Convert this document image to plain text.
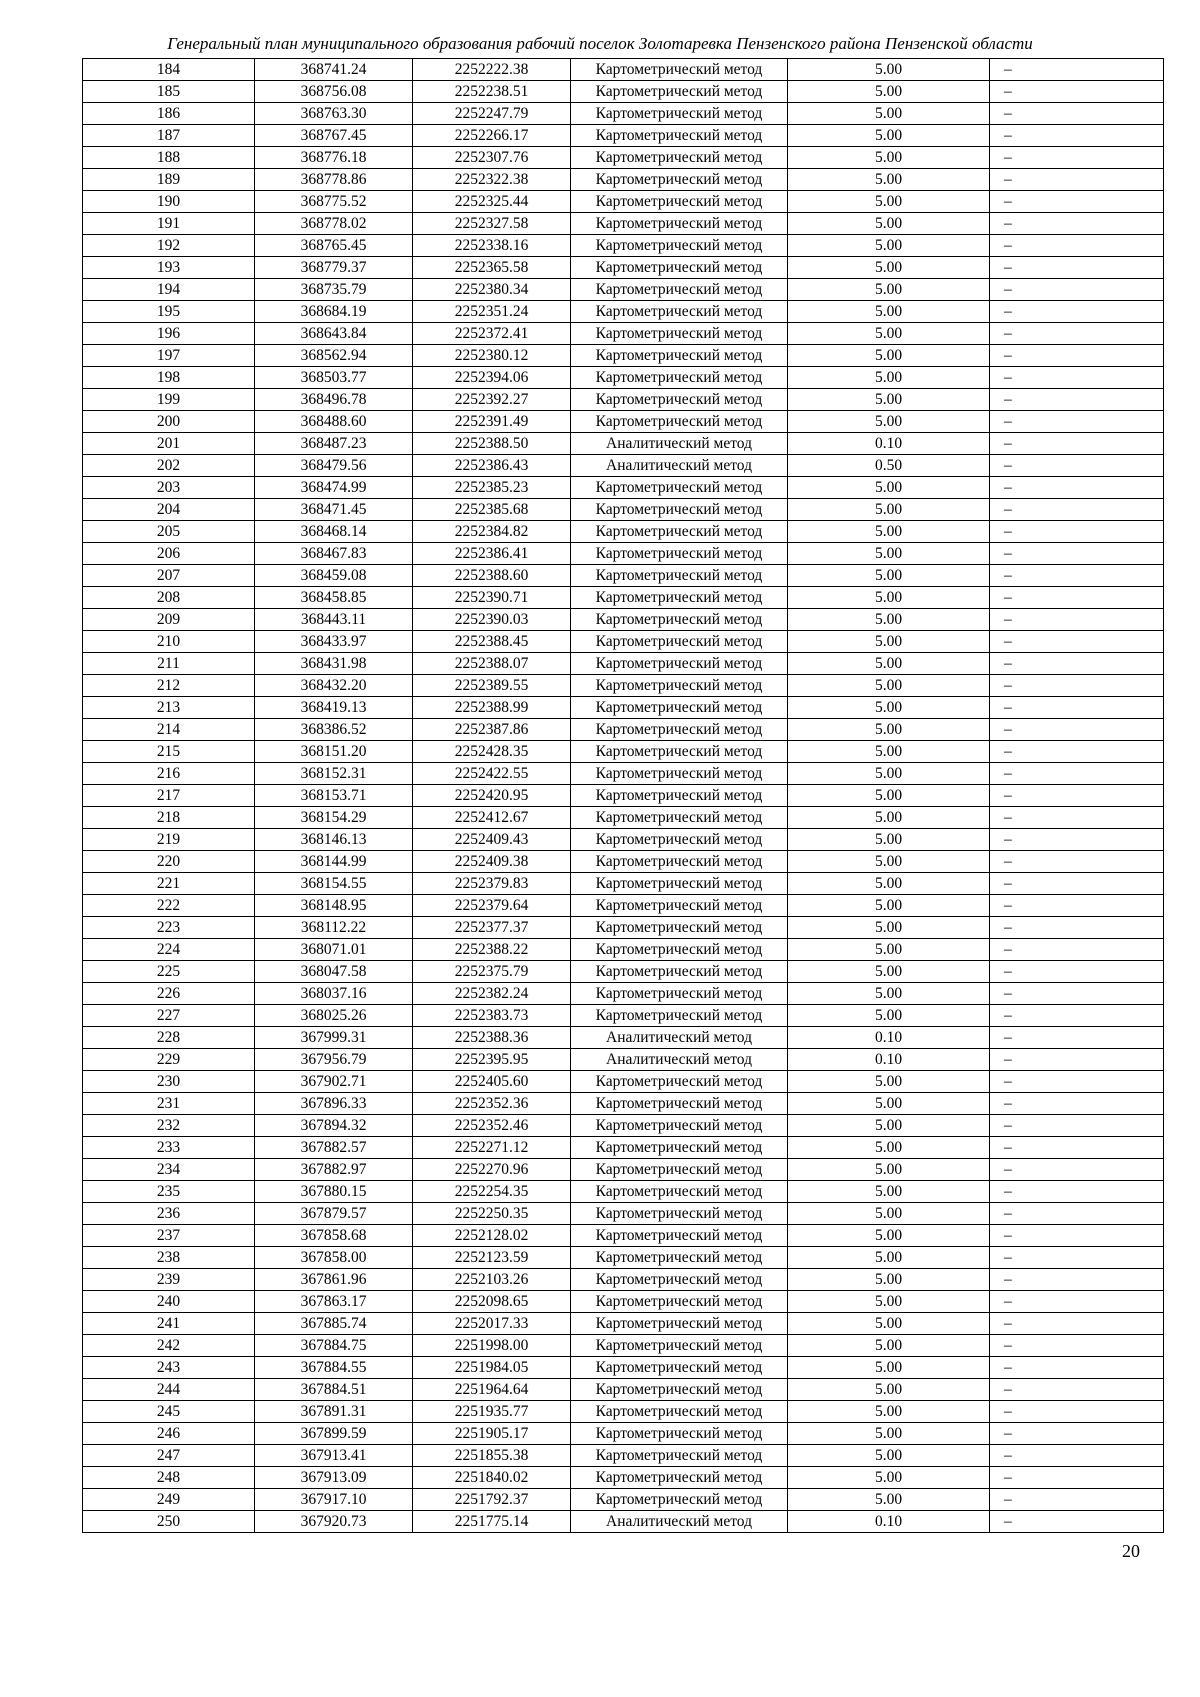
Генеральный план муниципального образования рабочий поселок Золотаревка Пензенского района Пензенской области
184	368741.24	2252222.38	Картометрический метод	5.00	–
185	368756.08	2252238.51	Картометрический метод	5.00	–
186	368763.30	2252247.79	Картометрический метод	5.00	–
187	368767.45	2252266.17	Картометрический метод	5.00	–
188	368776.18	2252307.76	Картометрический метод	5.00	–
189	368778.86	2252322.38	Картометрический метод	5.00	–
190	368775.52	2252325.44	Картометрический метод	5.00	–
191	368778.02	2252327.58	Картометрический метод	5.00	–
192	368765.45	2252338.16	Картометрический метод	5.00	–
193	368779.37	2252365.58	Картометрический метод	5.00	–
194	368735.79	2252380.34	Картометрический метод	5.00	–
195	368684.19	2252351.24	Картометрический метод	5.00	–
196	368643.84	2252372.41	Картометрический метод	5.00	–
197	368562.94	2252380.12	Картометрический метод	5.00	–
198	368503.77	2252394.06	Картометрический метод	5.00	–
199	368496.78	2252392.27	Картометрический метод	5.00	–
200	368488.60	2252391.49	Картометрический метод	5.00	–
201	368487.23	2252388.50	Аналитический метод	0.10	–
202	368479.56	2252386.43	Аналитический метод	0.50	–
203	368474.99	2252385.23	Картометрический метод	5.00	–
204	368471.45	2252385.68	Картометрический метод	5.00	–
205	368468.14	2252384.82	Картометрический метод	5.00	–
206	368467.83	2252386.41	Картометрический метод	5.00	–
207	368459.08	2252388.60	Картометрический метод	5.00	–
208	368458.85	2252390.71	Картометрический метод	5.00	–
209	368443.11	2252390.03	Картометрический метод	5.00	–
210	368433.97	2252388.45	Картометрический метод	5.00	–
211	368431.98	2252388.07	Картометрический метод	5.00	–
212	368432.20	2252389.55	Картометрический метод	5.00	–
213	368419.13	2252388.99	Картометрический метод	5.00	–
214	368386.52	2252387.86	Картометрический метод	5.00	–
215	368151.20	2252428.35	Картометрический метод	5.00	–
216	368152.31	2252422.55	Картометрический метод	5.00	–
217	368153.71	2252420.95	Картометрический метод	5.00	–
218	368154.29	2252412.67	Картометрический метод	5.00	–
219	368146.13	2252409.43	Картометрический метод	5.00	–
220	368144.99	2252409.38	Картометрический метод	5.00	–
221	368154.55	2252379.83	Картометрический метод	5.00	–
222	368148.95	2252379.64	Картометрический метод	5.00	–
223	368112.22	2252377.37	Картометрический метод	5.00	–
224	368071.01	2252388.22	Картометрический метод	5.00	–
225	368047.58	2252375.79	Картометрический метод	5.00	–
226	368037.16	2252382.24	Картометрический метод	5.00	–
227	368025.26	2252383.73	Картометрический метод	5.00	–
228	367999.31	2252388.36	Аналитический метод	0.10	–
229	367956.79	2252395.95	Аналитический метод	0.10	–
230	367902.71	2252405.60	Картометрический метод	5.00	–
231	367896.33	2252352.36	Картометрический метод	5.00	–
232	367894.32	2252352.46	Картометрический метод	5.00	–
233	367882.57	2252271.12	Картометрический метод	5.00	–
234	367882.97	2252270.96	Картометрический метод	5.00	–
235	367880.15	2252254.35	Картометрический метод	5.00	–
236	367879.57	2252250.35	Картометрический метод	5.00	–
237	367858.68	2252128.02	Картометрический метод	5.00	–
238	367858.00	2252123.59	Картометрический метод	5.00	–
239	367861.96	2252103.26	Картометрический метод	5.00	–
240	367863.17	2252098.65	Картометрический метод	5.00	–
241	367885.74	2252017.33	Картометрический метод	5.00	–
242	367884.75	2251998.00	Картометрический метод	5.00	–
243	367884.55	2251984.05	Картометрический метод	5.00	–
244	367884.51	2251964.64	Картометрический метод	5.00	–
245	367891.31	2251935.77	Картометрический метод	5.00	–
246	367899.59	2251905.17	Картометрический метод	5.00	–
247	367913.41	2251855.38	Картометрический метод	5.00	–
248	367913.09	2251840.02	Картометрический метод	5.00	–
249	367917.10	2251792.37	Картометрический метод	5.00	–
250	367920.73	2251775.14	Аналитический метод	0.10	–
20
